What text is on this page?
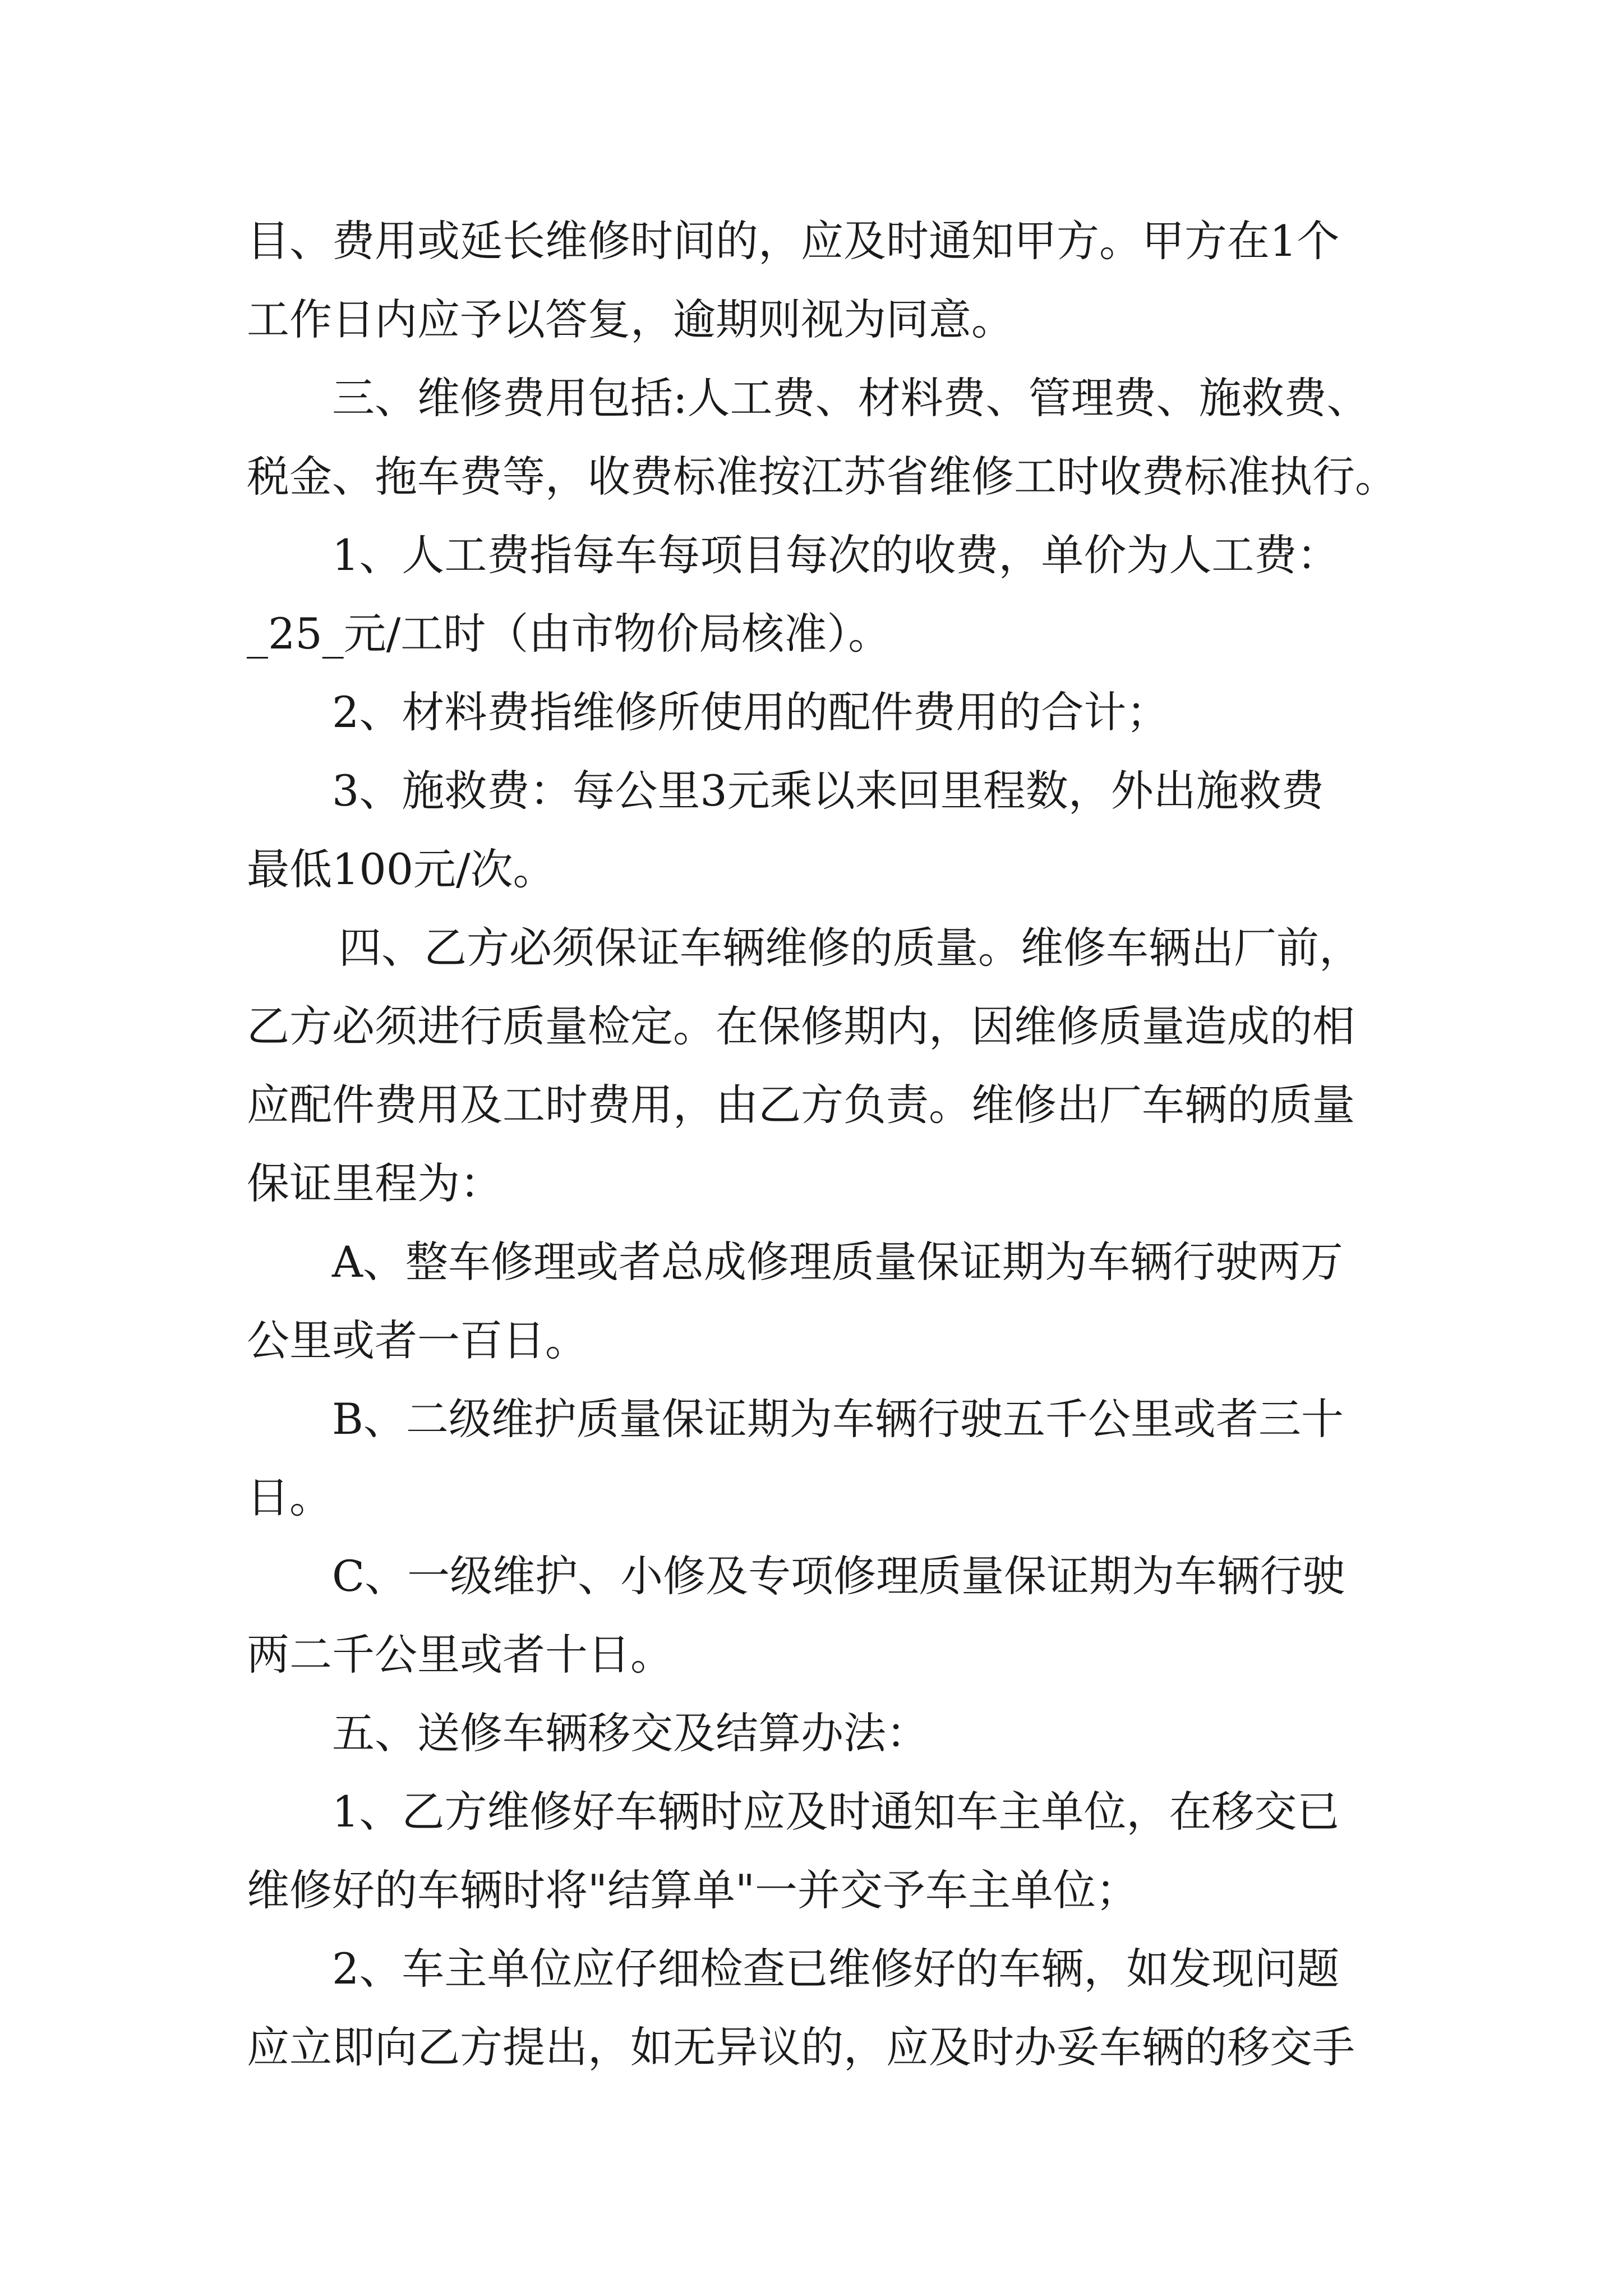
目、费用或延长维修时间的，应及时通知甲方。甲方在1个
工作日内应予以答复，逾期则视为同意。
三、维修费用包括:人工费、材料费、管理费、施救费、
税金、拖车费等，收费标准按江苏省维修工时收费标准执行。
1、人工费指每车每项目每次的收费，单价为人工费：
_25_元/工时（由市物价局核准）。
2、材料费指维修所使用的配件费用的合计；
3、施救费：每公里3元乘以来回里程数，外出施救费
最低100元/次。
四、乙方必须保证车辆维修的质量。维修车辆出厂前，
乙方必须进行质量检定。在保修期内，因维修质量造成的相
应配件费用及工时费用，由乙方负责。维修出厂车辆的质量
保证里程为：
A、整车修理或者总成修理质量保证期为车辆行驶两万
公里或者一百日。
B、二级维护质量保证期为车辆行驶五千公里或者三十
日。
C、一级维护、小修及专项修理质量保证期为车辆行驶
两二千公里或者十日。
五、送修车辆移交及结算办法：
1、乙方维修好车辆时应及时通知车主单位，在移交已
维修好的车辆时将"结算单"一并交予车主单位；
2、车主单位应仔细检查已维修好的车辆，如发现问题
应立即向乙方提出，如无异议的，应及时办妥车辆的移交手
